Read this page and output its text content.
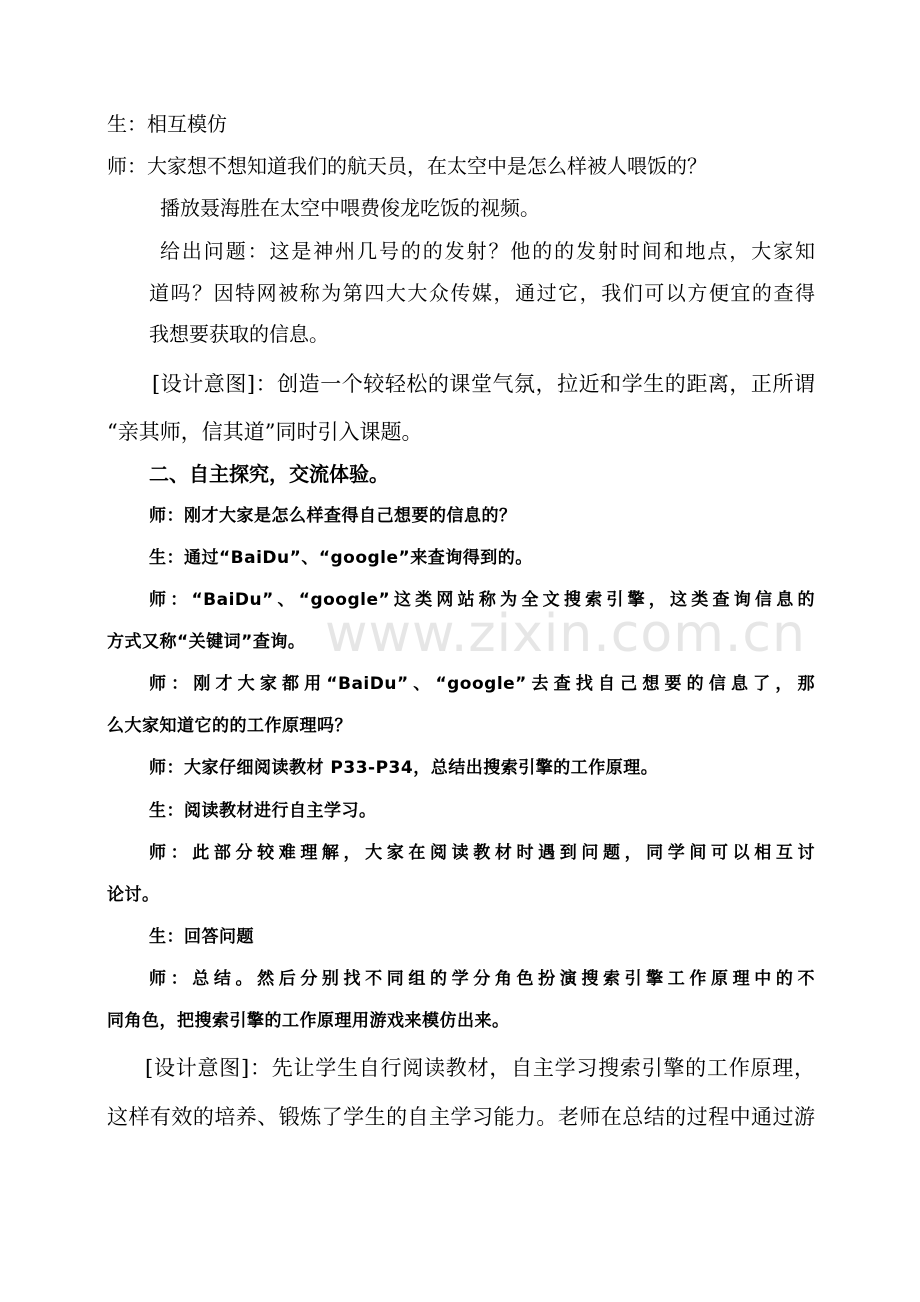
www.zixin.com.cn
生：相互模仿
师：大家想不想知道我们的航天员，在太空中是怎么样被人喂饭的？
播放聂海胜在太空中喂费俊龙吃饭的视频。
给出问题：这是神州几号的的发射？他的的发射时间和地点，大家知
道吗？因特网被称为第四大大众传媒，通过它，我们可以方便宜的查得
我想要获取的信息。
[设计意图]：创造一个较轻松的课堂气氛，拉近和学生的距离，正所谓
“亲其师，信其道”同时引入课题。
二、自主探究，交流体验。
师：刚才大家是怎么样查得自己想要的信息的？
生：通过“BaiDu”、“google”来查询得到的。
师：“BaiDu”、“google”这类网站称为全文搜索引擎，这类查询信息的
方式又称“关键词”查询。
师：刚才大家都用“BaiDu”、“google”去查找自己想要的信息了，那
么大家知道它的的工作原理吗？
师：大家仔细阅读教材 P33-P34，总结出搜索引擎的工作原理。
生：阅读教材进行自主学习。
师：此部分较难理解，大家在阅读教材时遇到问题，同学间可以相互讨
论讨。
生：回答问题
师：总结。然后分别找不同组的学分角色扮演搜索引擎工作原理中的不
同角色，把搜索引擎的工作原理用游戏来模仿出来。
[设计意图]：先让学生自行阅读教材，自主学习搜索引擎的工作原理，
这样有效的培养、锻炼了学生的自主学习能力。老师在总结的过程中通过游
